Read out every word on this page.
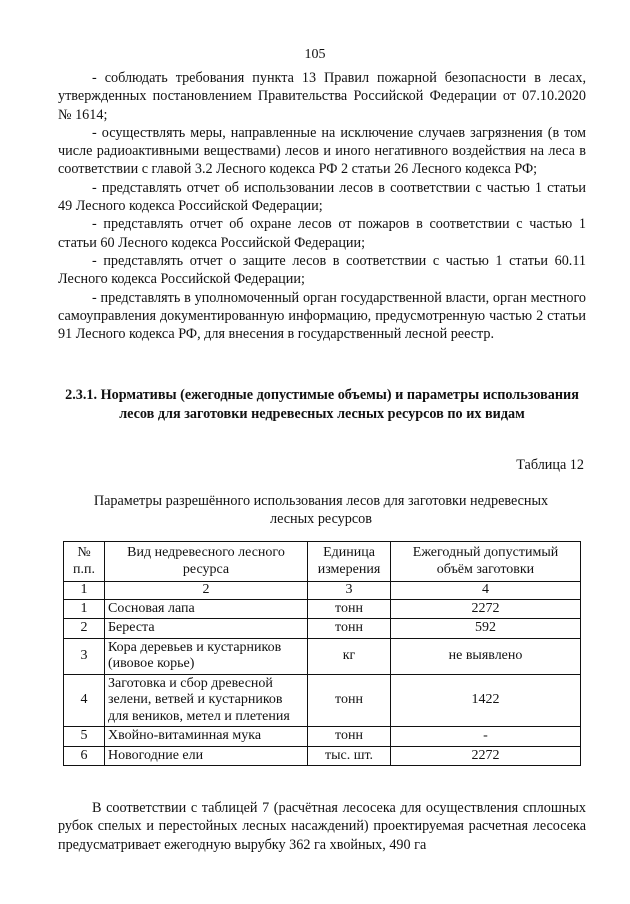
105

- соблюдать требования пункта 13 Правил пожарной безопасности в лесах, утвержденных постановлением Правительства Российской Федерации от 07.10.2020 № 1614;

- осуществлять меры, направленные на исключение случаев загрязнения (в том числе радиоактивными веществами) лесов и иного негативного воздействия на леса в соответствии с главой 3.2 Лесного кодекса РФ 2 статьи 26 Лесного кодекса РФ;

- представлять отчет об использовании лесов в соответствии с частью 1 статьи 49 Лесного кодекса Российской Федерации;

- представлять отчет об охране лесов от пожаров в соответствии с частью 1 статьи 60 Лесного кодекса Российской Федерации;

- представлять отчет о защите лесов в соответствии с частью 1 статьи 60.11 Лесного кодекса Российской Федерации;

- представлять в уполномоченный орган государственной власти, орган местного самоуправления документированную информацию, предусмотренную частью 2 статьи 91 Лесного кодекса РФ, для внесения в государственный лесной реестр.

2.3.1. Нормативы (ежегодные допустимые объемы) и параметры использования лесов для заготовки недревесных лесных ресурсов по их видам
Таблица 12
Параметры разрешённого использования лесов для заготовки недревесных лесных ресурсов
№ п.п.	Вид недревесного лесного ресурса	Единица измерения	Ежегодный допустимый объём заготовки
1	2	3	4
1	Сосновая лапа	тонн	2272
2	Береста	тонн	592
3	Кора деревьев и кустарников (ивовое корье)	кг	не выявлено
4	Заготовка и сбор древесной зелени, ветвей и кустарников для веников, метел и плетения	тонн	1422
5	Хвойно-витаминная мука	тонн	-
6	Новогодние ели	тыс. шт.	2272

В соответствии с таблицей 7 (расчётная лесосека для осуществления сплошных рубок спелых и перестойных лесных насаждений) проектируемая расчетная лесосека предусматривает ежегодную вырубку 362 га хвойных, 490 га
